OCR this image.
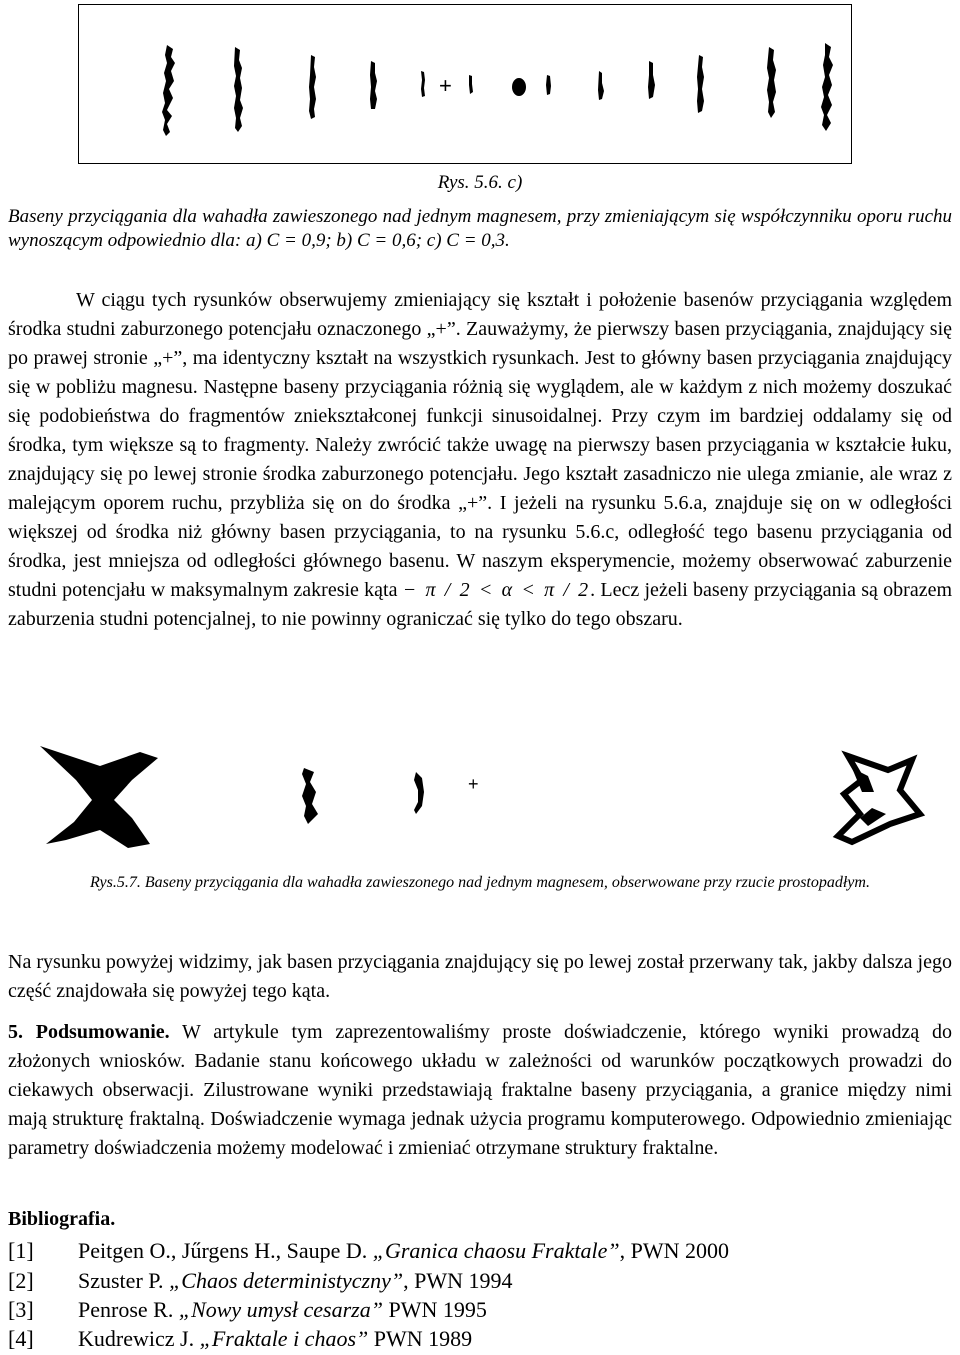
+
Rys. 5.6. c)
Baseny przyciągania dla wahadła zawieszonego nad jednym magnesem, przy zmieniającym się współczynniku oporu ruchu wynoszącym odpowiednio dla: a) C = 0,9; b) C = 0,6; c) C = 0,3.
W ciągu tych rysunków obserwujemy zmieniający się kształt i położenie basenów przyciągania względem środka studni zaburzonego potencjału oznaczonego „+”. Zauważymy, że pierwszy basen przyciągania, znajdujący się po prawej stronie „+”, ma identyczny kształt na wszystkich rysunkach. Jest to główny basen przyciągania znajdujący się w pobliżu magnesu. Następne baseny przyciągania różnią się wyglądem, ale w każdym z nich możemy doszukać się podobieństwa do fragmentów zniekształconej funkcji sinusoidalnej. Przy czym im bardziej oddalamy się od środka, tym większe są to fragmenty. Należy zwrócić także uwagę na pierwszy basen przyciągania w kształcie łuku, znajdujący się po lewej stronie środka zaburzonego potencjału. Jego kształt zasadniczo nie ulega zmianie, ale wraz z malejącym oporem ruchu, przybliża się on do środka „+”. I jeżeli na rysunku 5.6.a, znajduje się on w odległości większej od środka niż główny basen przyciągania, to na rysunku 5.6.c, odległość tego basenu przyciągania od środka, jest mniejsza od odległości głównego basenu. W naszym eksperymencie, możemy obserwować zaburzenie studni potencjału w maksymalnym zakresie kąta − π / 2 < α < π / 2. Lecz jeżeli baseny przyciągania są obrazem zaburzenia studni potencjalnej, to nie powinny ograniczać się tylko do tego obszaru.
+
Rys.5.7. Baseny przyciągania dla wahadła zawieszonego nad jednym magnesem, obserwowane przy rzucie prostopadłym.
Na rysunku powyżej widzimy, jak basen przyciągania znajdujący się po lewej został przerwany tak, jakby dalsza jego część znajdowała się powyżej tego kąta.
5. Podsumowanie. W artykule tym zaprezentowaliśmy proste doświadczenie, którego wyniki prowadzą do złożonych wniosków. Badanie stanu końcowego układu w zależności od warunków początkowych prowadzi do ciekawych obserwacji. Zilustrowane wyniki przedstawiają fraktalne baseny przyciągania, a granice między nimi mają strukturę fraktalną. Doświadczenie wymaga jednak użycia programu komputerowego. Odpowiednio zmieniając parametry doświadczenia możemy modelować i zmieniać otrzymane struktury fraktalne.
Bibliografia.
[1] Peitgen O., Jűrgens H., Saupe D. „Granica chaosu Fraktale”, PWN 2000
[2] Szuster P. „Chaos deterministyczny”, PWN 1994
[3] Penrose R. „Nowy umysł cesarza” PWN 1995
[4] Kudrewicz J. „Fraktale i chaos” PWN 1989
